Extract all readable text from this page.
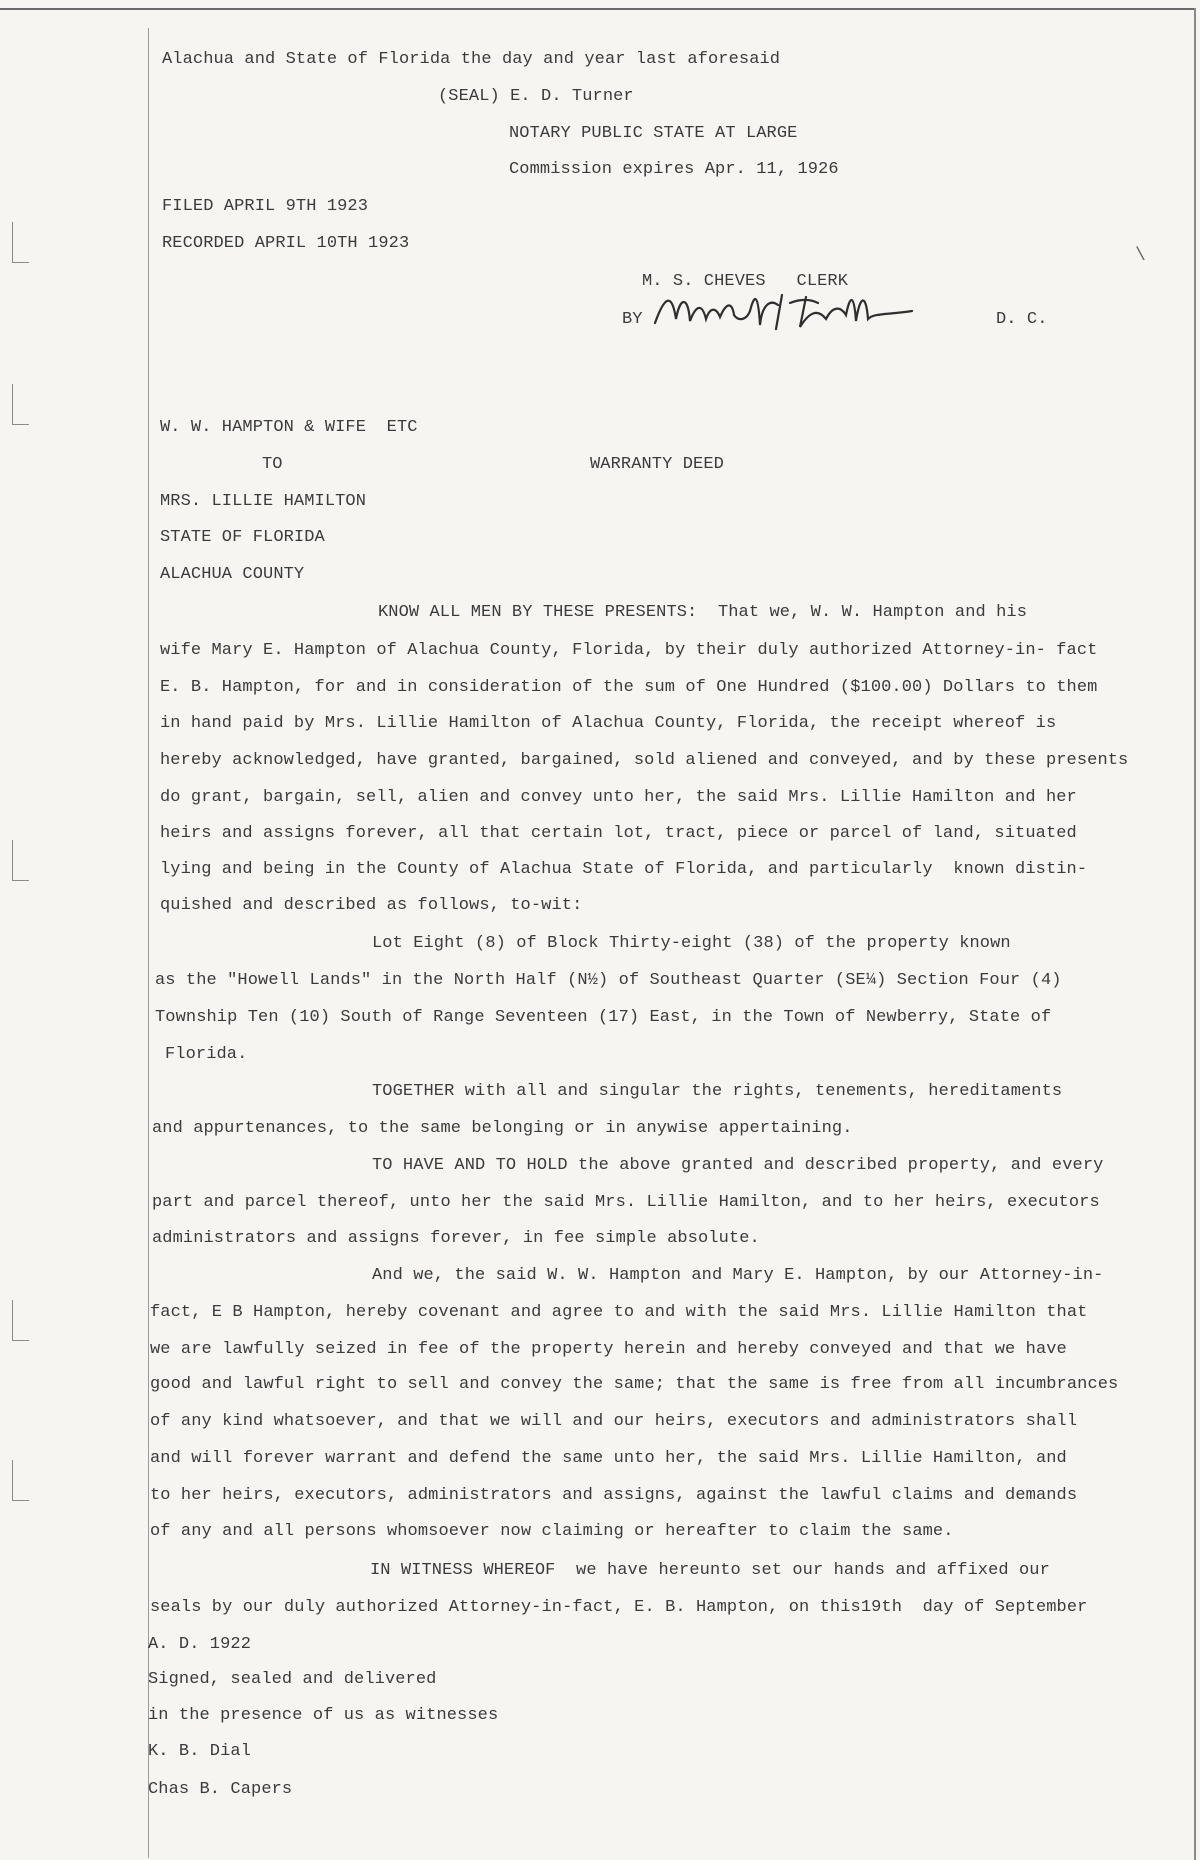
Alachua and State of Florida the day and year last aforesaid
(SEAL) E. D. Turner
NOTARY PUBLIC STATE AT LARGE
Commission expires Apr. 11, 1926
FILED APRIL 9TH 1923
RECORDED APRIL 10TH 1923
M. S. CHEVES   CLERK
BY	D. C.
\
W. W. HAMPTON & WIFE  ETC
TO	WARRANTY DEED
MRS. LILLIE HAMILTON
STATE OF FLORIDA
ALACHUA COUNTY
KNOW ALL MEN BY THESE PRESENTS:  That we, W. W. Hampton and his
wife Mary E. Hampton of Alachua County, Florida, by their duly authorized Attorney-in- fact
E. B. Hampton, for and in consideration of the sum of One Hundred ($100.00) Dollars to them
in hand paid by Mrs. Lillie Hamilton of Alachua County, Florida, the receipt whereof is
hereby acknowledged, have granted, bargained, sold aliened and conveyed, and by these presents
do grant, bargain, sell, alien and convey unto her, the said Mrs. Lillie Hamilton and her
heirs and assigns forever, all that certain lot, tract, piece or parcel of land, situated
lying and being in the County of Alachua State of Florida, and particularly  known distin-
quished and described as follows, to-wit:
Lot Eight (8) of Block Thirty-eight (38) of the property known
as the "Howell Lands" in the North Half (N½) of Southeast Quarter (SE¼) Section Four (4)
Township Ten (10) South of Range Seventeen (17) East, in the Town of Newberry, State of
Florida.
TOGETHER with all and singular the rights, tenements, hereditaments
and appurtenances, to the same belonging or in anywise appertaining.
TO HAVE AND TO HOLD the above granted and described property, and every
part and parcel thereof, unto her the said Mrs. Lillie Hamilton, and to her heirs, executors
administrators and assigns forever, in fee simple absolute.
And we, the said W. W. Hampton and Mary E. Hampton, by our Attorney-in-
fact, E B Hampton, hereby covenant and agree to and with the said Mrs. Lillie Hamilton that
we are lawfully seized in fee of the property herein and hereby conveyed and that we have
good and lawful right to sell and convey the same; that the same is free from all incumbrances
of any kind whatsoever, and that we will and our heirs, executors and administrators shall
and will forever warrant and defend the same unto her, the said Mrs. Lillie Hamilton, and
to her heirs, executors, administrators and assigns, against the lawful claims and demands
of any and all persons whomsoever now claiming or hereafter to claim the same.
IN WITNESS WHEREOF  we have hereunto set our hands and affixed our
seals by our duly authorized Attorney-in-fact, E. B. Hampton, on this19th  day of September
A. D. 1922
Signed, sealed and delivered
in the presence of us as witnesses
K. B. Dial
Chas B. Capers
